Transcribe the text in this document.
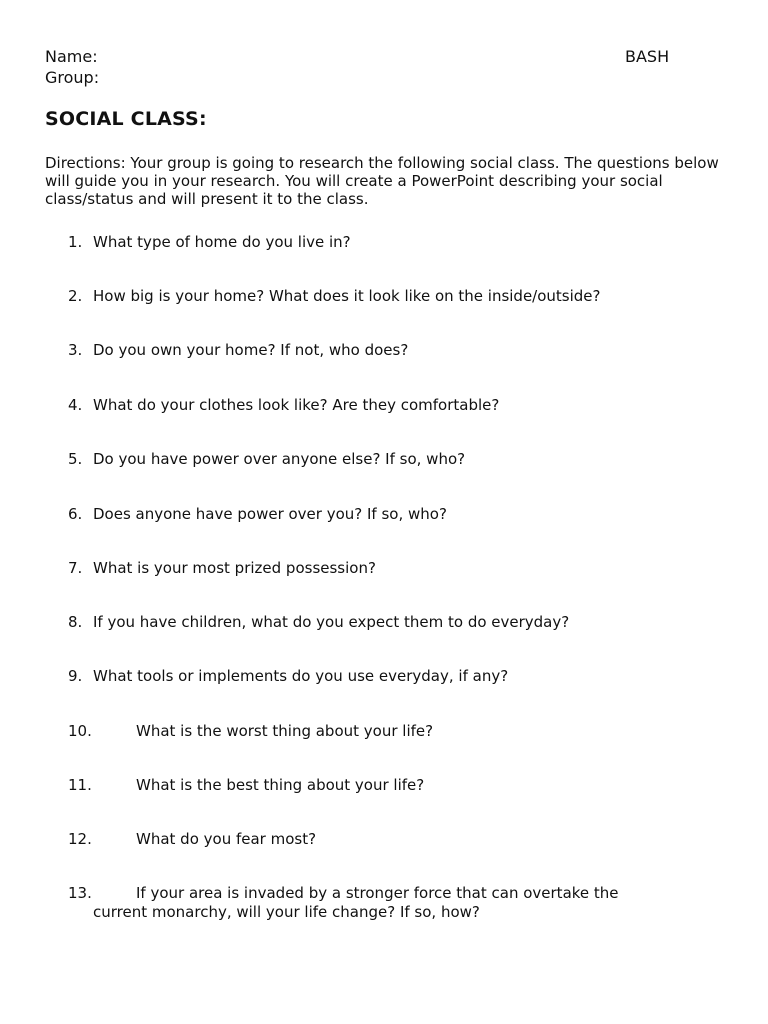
Name:
Group:
BASH
SOCIAL CLASS:
Directions: Your group is going to research the following social class. The questions below will guide you in your research. You will create a PowerPoint describing your social class/status and will present it to the class.
1. What type of home do you live in?
2. How big is your home? What does it look like on the inside/outside?
3. Do you own your home? If not, who does?
4. What do your clothes look like? Are they comfortable?
5. Do you have power over anyone else? If so, who?
6. Does anyone have power over you? If so, who?
7. What is your most prized possession?
8. If you have children, what do you expect them to do everyday?
9. What tools or implements do you use everyday, if any?
10.	What is the worst thing about your life?
11.	What is the best thing about your life?
12.	What do you fear most?
13.	If your area is invaded by a stronger force that can overtake the
current monarchy, will your life change? If so, how?
